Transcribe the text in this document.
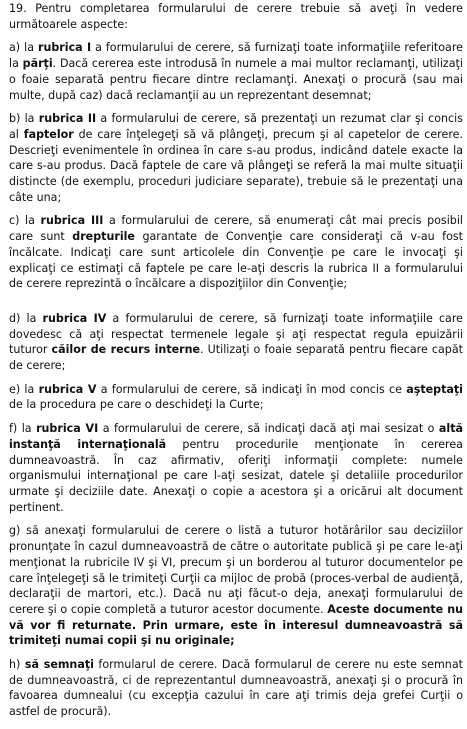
19. Pentru completarea formularului de cerere trebuie să aveţi în vedere următoarele aspecte:

a) la rubrica I a formularului de cerere, să furnizaţi toate informaţiile referitoare la părţi. Dacă cererea este introdusă în numele a mai multor reclamanţi, utilizaţi o foaie separată pentru fiecare dintre reclamanţi. Anexaţi o procură (sau mai multe, după caz) dacă reclamanţii au un reprezentant desemnat;

b) la rubrica II a formularului de cerere, să prezentaţi un rezumat clar şi concis al faptelor de care înţelegeţi să vă plângeţi, precum şi al capetelor de cerere. Descrieţi evenimentele în ordinea în care s-au produs, indicând datele exacte la care s-au produs. Dacă faptele de care vă plângeţi se referă la mai multe situaţii distincte (de exemplu, proceduri judiciare separate), trebuie să le prezentaţi una câte una;

c) la rubrica III a formularului de cerere, să enumeraţi cât mai precis posibil care sunt drepturile garantate de Convenţie care consideraţi că v-au fost încălcate. Indicaţi care sunt articolele din Convenţie pe care le invocaţi şi explicaţi ce estimaţi că faptele pe care le-aţi descris la rubrica II a formularului de cerere reprezintă o încălcare a dispoziţiilor din Convenţie;

d) la rubrica IV a formularului de cerere, să furnizaţi toate informaţiile care dovedesc că aţi respectat termenele legale şi aţi respectat regula epuizării tuturor căilor de recurs interne. Utilizaţi o foaie separată pentru fiecare capăt de cerere;

e) la rubrica V a formularului de cerere, să indicaţi în mod concis ce aşteptaţi de la procedura pe care o deschideţi la Curte;

f) la rubrica VI a formularului de cerere, să indicaţi dacă aţi mai sesizat o altă instanţă internaţională pentru procedurile menţionate în cererea dumneavoastră. În caz afirmativ, oferiţi informaţii complete: numele organismului internaţional pe care l-aţi sesizat, datele şi detaliile procedurilor urmate şi deciziile date. Anexaţi o copie a acestora şi a oricărui alt document pertinent.

g) să anexaţi formularului de cerere o listă a tuturor hotărârilor sau deciziilor pronunţate în cazul dumneavoastră de către o autoritate publică şi pe care le-aţi menţionat la rubricile IV şi VI, precum şi un borderou al tuturor documentelor pe care înţelegeţi să le trimiteţi Curţii ca mijloc de probă (proces-verbal de audienţă, declaraţii de martori, etc.). Dacă nu aţi făcut-o deja, anexaţi formularului de cerere şi o copie completă a tuturor acestor documente. Aceste documente nu vă vor fi returnate. Prin urmare, este în interesul dumneavoastră să trimiteţi numai copii şi nu originale;

h) să semnaţi formularul de cerere. Dacă formularul de cerere nu este semnat de dumneavoastră, ci de reprezentantul dumneavoastră, anexaţi şi o procură în favoarea dumnealui (cu excepţia cazului în care aţi trimis deja grefei Curţii o astfel de procură).
